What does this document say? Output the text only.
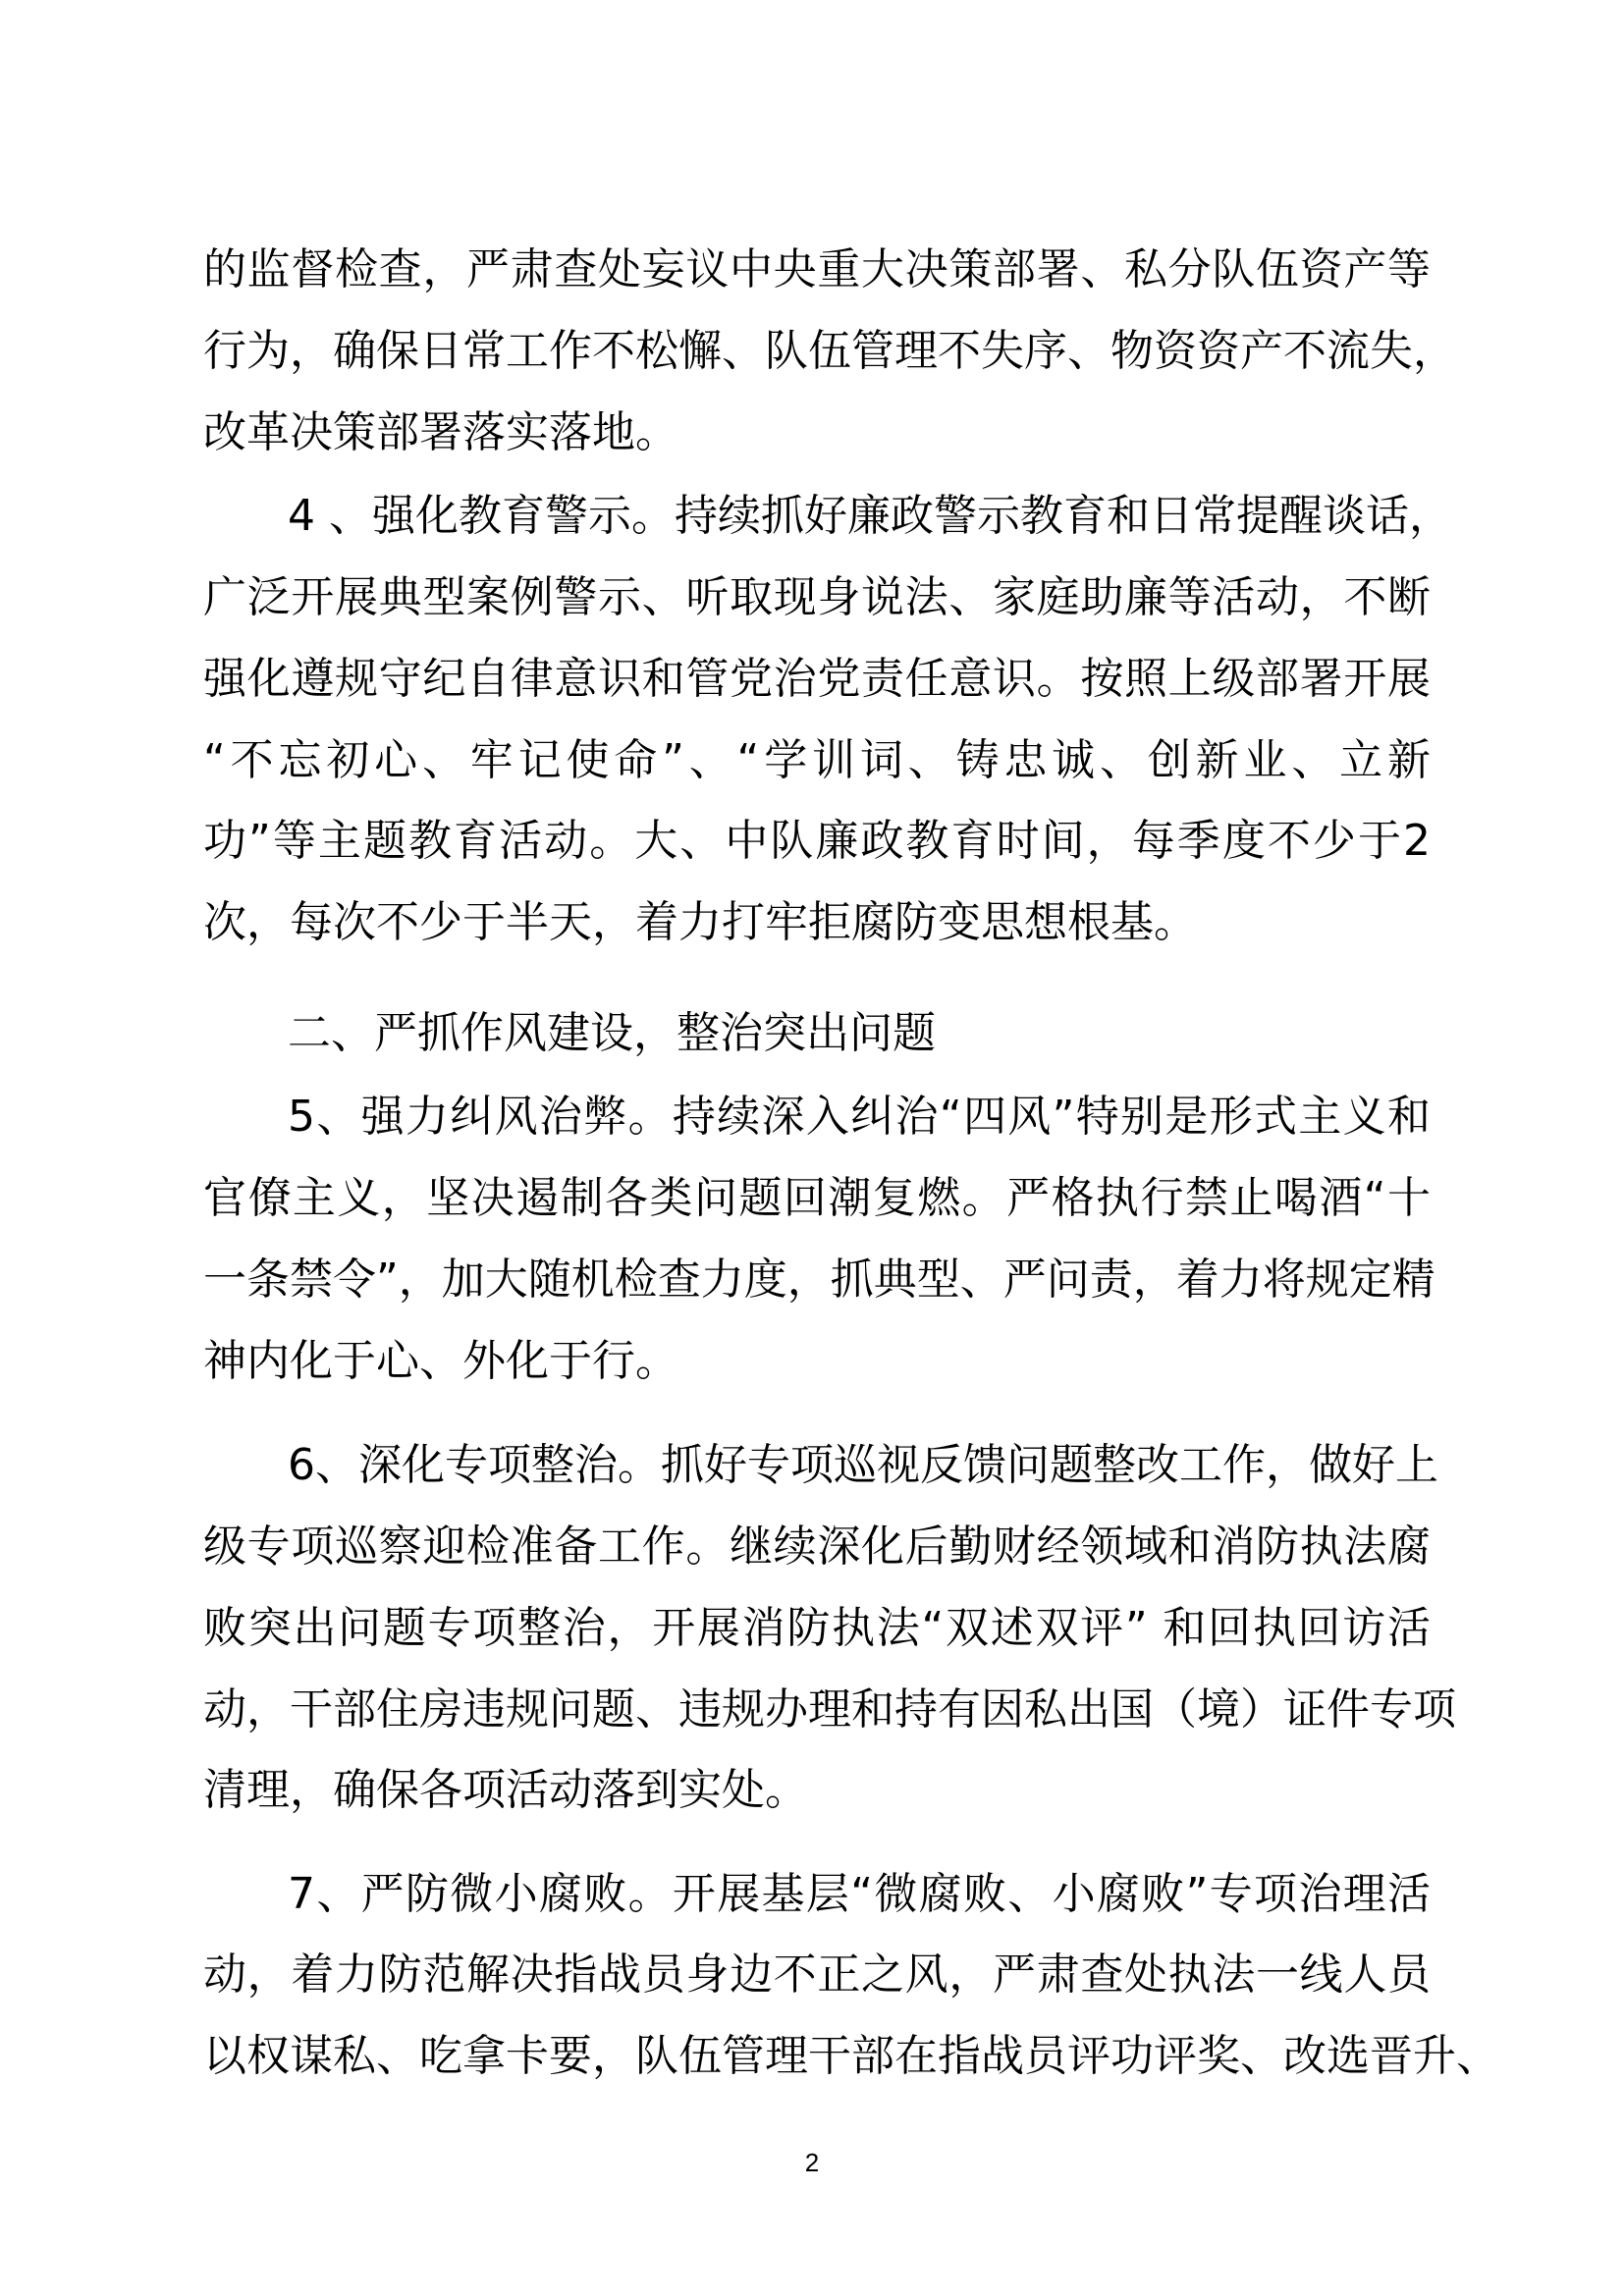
的监督检查，严肃查处妄议中央重大决策部署、私分队伍资产等
行为，确保日常工作不松懈、队伍管理不失序、物资资产不流失，
改革决策部署落实落地。
4 、强化教育警示。持续抓好廉政警示教育和日常提醒谈话，
广泛开展典型案例警示、听取现身说法、家庭助廉等活动，不断
强化遵规守纪自律意识和管党治党责任意识。按照上级部署开展
“不忘初心、牢记使命”、“学训词、铸忠诚、创新业、立新
功”等主题教育活动。大、中队廉政教育时间，每季度不少于2
次，每次不少于半天，着力打牢拒腐防变思想根基。
二、严抓作风建设，整治突出问题
5、强力纠风治弊。持续深入纠治“四风”特别是形式主义和
官僚主义，坚决遏制各类问题回潮复燃。严格执行禁止喝酒“十
一条禁令”，加大随机检查力度，抓典型、严问责，着力将规定精
神内化于心、外化于行。
6、深化专项整治。抓好专项巡视反馈问题整改工作，做好上
级专项巡察迎检准备工作。继续深化后勤财经领域和消防执法腐
败突出问题专项整治，开展消防执法“双述双评” 和回执回访活
动，干部住房违规问题、违规办理和持有因私出国（境）证件专项
清理，确保各项活动落到实处。
7、严防微小腐败。开展基层“微腐败、小腐败”专项治理活
动，着力防范解决指战员身边不正之风，严肃查处执法一线人员
以权谋私、吃拿卡要，队伍管理干部在指战员评功评奖、改选晋升、
2
